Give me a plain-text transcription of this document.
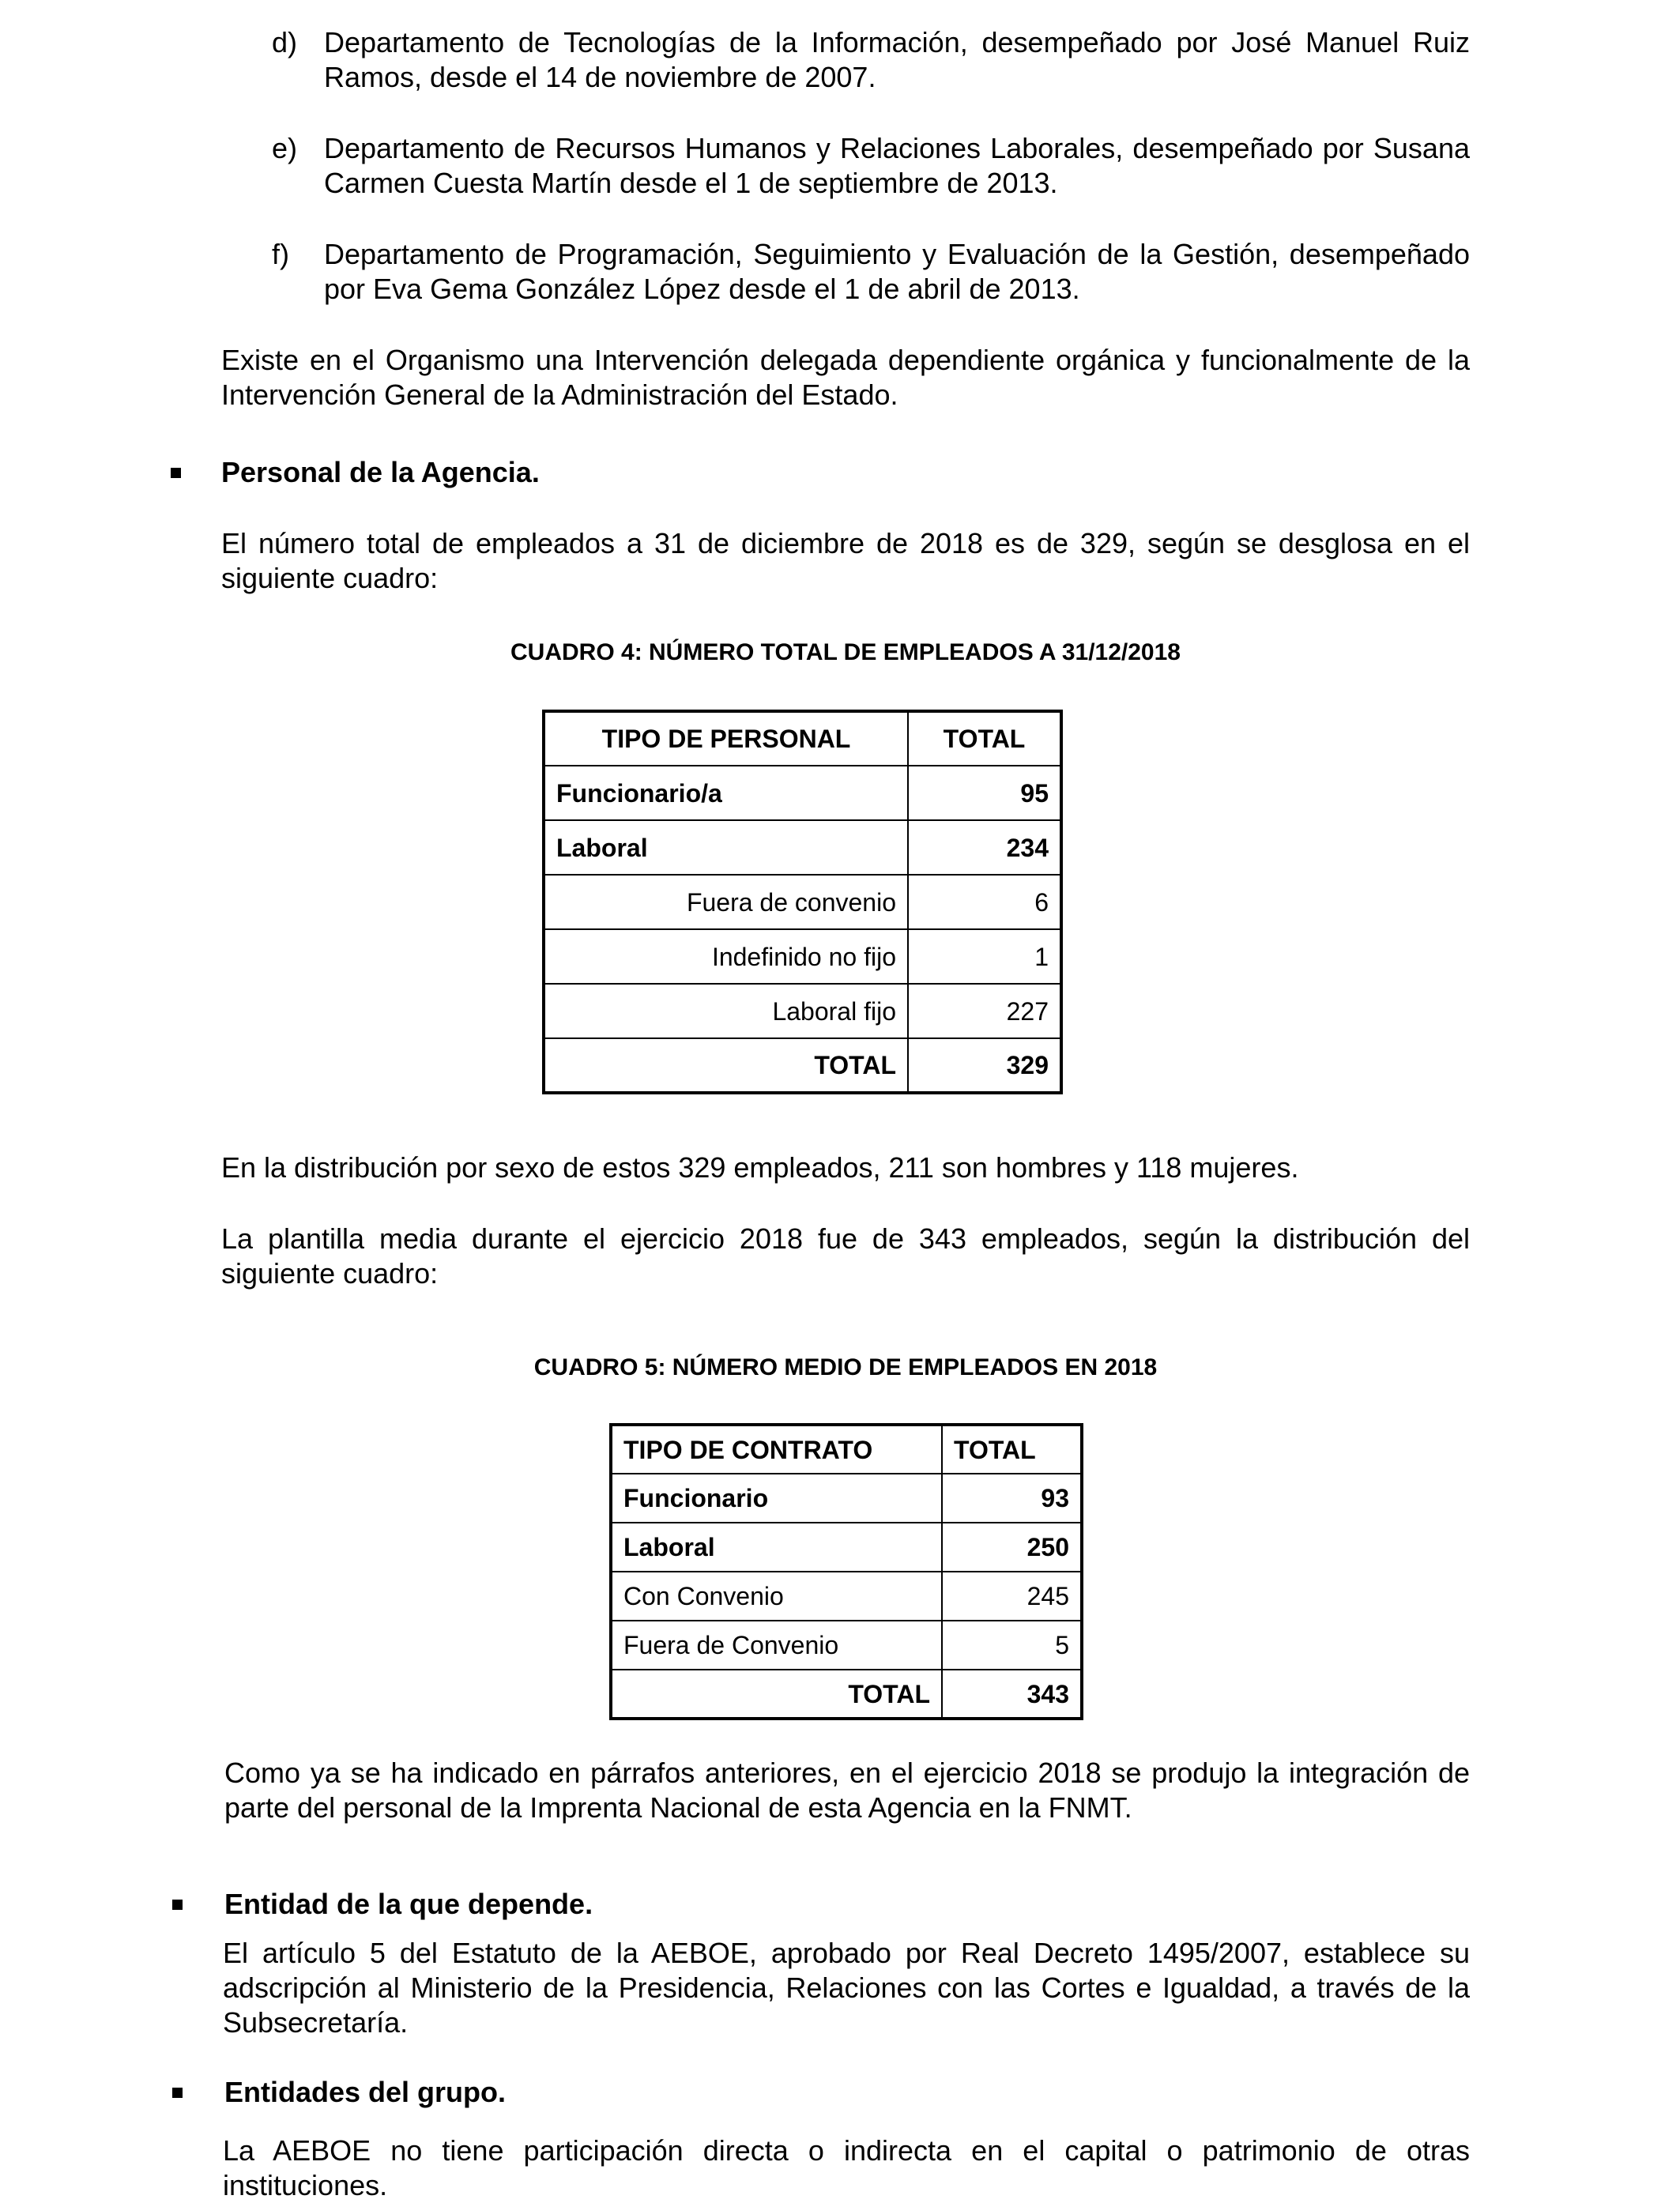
d) Departamento de Tecnologías de la Información, desempeñado por José Manuel Ruiz Ramos, desde el 14 de noviembre de 2007.
e) Departamento de Recursos Humanos y Relaciones Laborales, desempeñado por Susana Carmen Cuesta Martín desde el 1 de septiembre de 2013.
f) Departamento de Programación, Seguimiento y Evaluación de la Gestión, desempeñado por Eva Gema González López desde el 1 de abril de 2013.
Existe en el Organismo una Intervención delegada dependiente orgánica y funcionalmente de la Intervención General de la Administración del Estado.
Personal de la Agencia.
El número total de empleados a 31 de diciembre de 2018 es de 329, según se desglosa en el siguiente cuadro:
CUADRO 4: NÚMERO TOTAL DE EMPLEADOS A 31/12/2018
TIPO DE PERSONAL	TOTAL
Funcionario/a	95
Laboral	234
Fuera de convenio	6
Indefinido no fijo	1
Laboral fijo	227
TOTAL	329
En la distribución por sexo de estos 329 empleados, 211 son hombres y 118 mujeres.
La plantilla media durante el ejercicio 2018 fue de 343 empleados, según la distribución del siguiente cuadro:
CUADRO 5: NÚMERO MEDIO DE EMPLEADOS EN 2018
TIPO DE CONTRATO	TOTAL
Funcionario	93
Laboral	250
Con Convenio	245
Fuera de Convenio	5
TOTAL	343
Como ya se ha indicado en párrafos anteriores, en el ejercicio 2018 se produjo la integración de parte del personal de la Imprenta Nacional de esta Agencia en la FNMT.
Entidad de la que depende.
El artículo 5 del Estatuto de la AEBOE, aprobado por Real Decreto 1495/2007, establece su adscripción al Ministerio de la Presidencia, Relaciones con las Cortes e Igualdad, a través de la Subsecretaría.
Entidades del grupo.
La AEBOE no tiene participación directa o indirecta en el capital o patrimonio de otras instituciones.
